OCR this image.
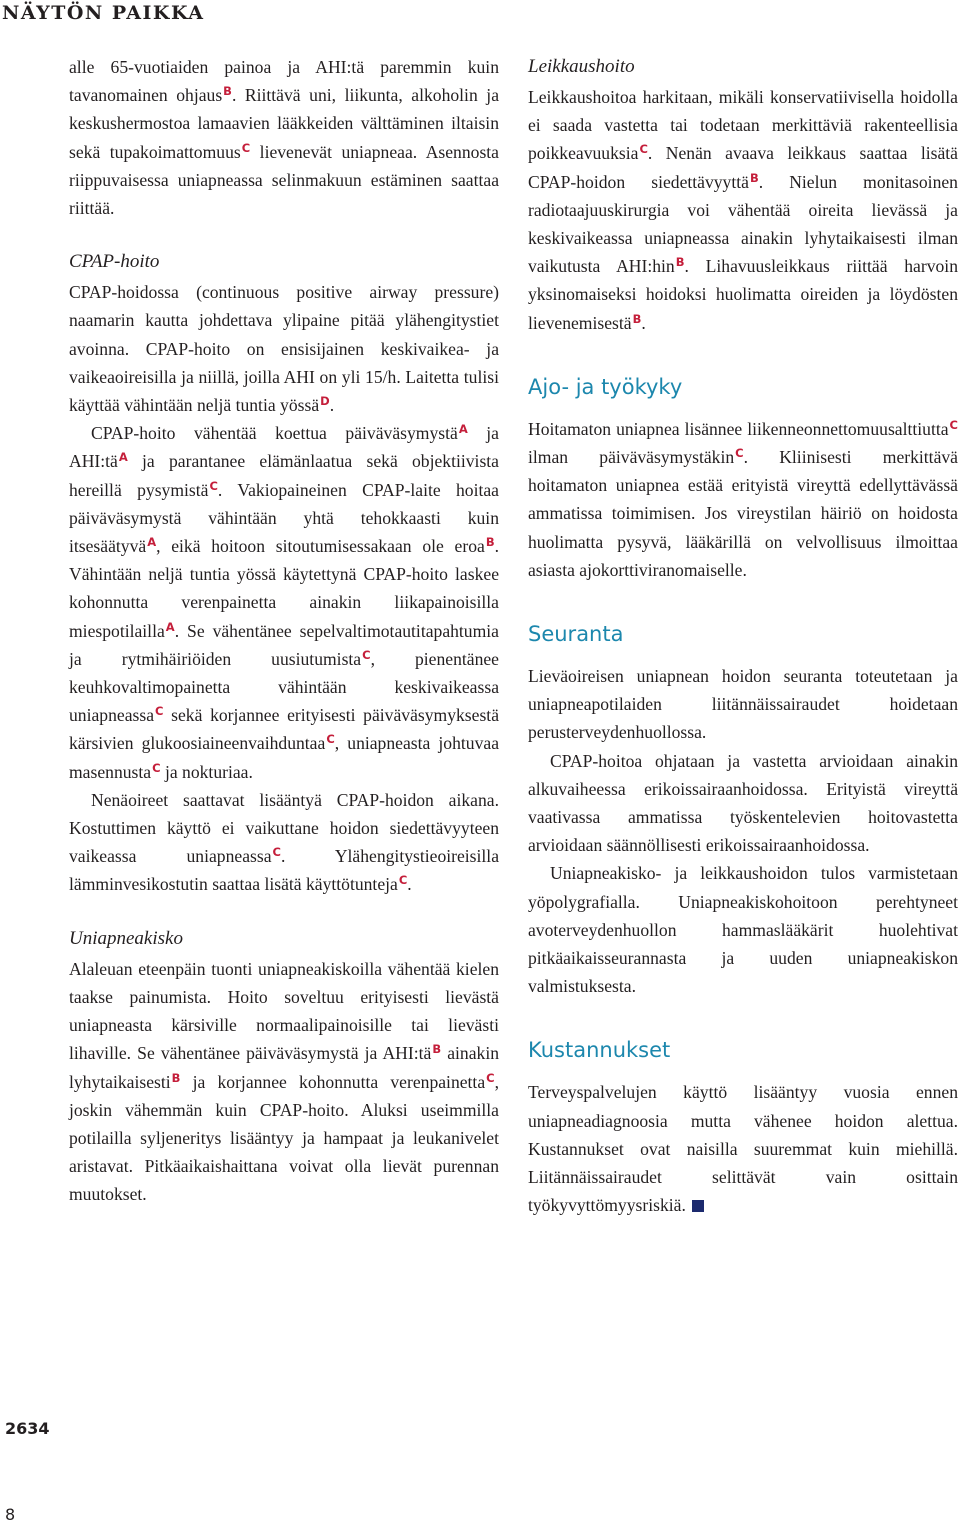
NÄYTÖN PAIKKA

alle 65-vuotiaiden painoa ja AHI:tä paremmin kuin tavanomainen ohjaus$^B$. Riittävä uni, liikunta, alkoholin ja keskushermostoa lamaavien lääkkeiden välttäminen iltaisin sekä tupakoimattomuus$^C$ lievenevät uniapneaa. Asennosta riippuvaisessa uniapneassa selinmakuun estäminen saattaa riittää.

CPAP-hoito

CPAP-hoidossa (continuous positive airway pressure) naamarin kautta johdettava ylipaine pitää ylähengitystiet avoinna. CPAP-hoito on ensisijainen keskivaikea- ja vaikeaoireisilla ja niillä, joilla AHI on yli 15/h. Laitetta tulisi käyttää vähintään neljä tuntia yössä$^D$.

CPAP-hoito vähentää koettua päiväväsymystä$^A$ ja $AHI:tä^A$ ja parantanee elämänlaatua sekä objektiivista hereillä pysymistä$^C$. Vakiopaineinen CPAP-laite hoitaa päiväväsymystä vähintään yhtä tehokkaasti kuin itsesäätyvä$^A$, eikä hoitoon sitoutumisessakaan ole eroa$^B$. Vähintään neljä tuntia yössä käytettynä CPAP-hoito laskee kohonnutta verenpainetta ainakin liikapainoisilla miespotilailla$^A$. Se vähentänee sepelvaltimotautitapahtumia ja rytmihäiriöiden uusiutumista$^C$, pienentänee keuhkovaltimopainetta vähintään keskivaikeassa uniapneassa$^C$ sekä korjannee erityisesti päiväväsymyksestä kärsivien glukoosiaineenvaihduntaa$^C$, uniapneasta johtuvaa masennusta$^C$ ja nokturiaa.

Nenäoireet saattavat lisääntyä CPAP-hoidon aikana. Kostuttimen käyttö ei vaikuttane hoidon siedettävyyteen vaikeassa uniapneassa$^C$. Ylähengitystieoireisilla lämminvesikostutin saattaa lisätä käyttötunteja$^C$.

Uniapneakisko

Alaleuan eteenpäin tuonti uniapneakiskoilla vähentää kielen taakse painumista. Hoito soveltuu erityisesti lievästä uniapneasta kärsiville normaalipainoisille tai lievästi lihaville. Se vähentänee päiväväsymystä ja $AHI:tä^B$ ainakin lyhytaikaisesti$^B$ ja korjannee kohonnutta verenpainetta$^C$, joskin vähemmän kuin CPAP-hoito. Aluksi useimmilla potilailla syljeneritys lisääntyy ja hampaat ja leukanivelet aristavat. Pitkäaikaishaittana voivat olla lievät purennan muutokset.

Leikkaushoito

Leikkaushoitoa harkitaan, mikäli konservatiivisella hoidolla ei saada vastetta tai todetaan merkittäviä rakenteellisia poikkeavuuksia$^C$. Nenän avaava leikkaus saattaa lisätä CPAP-hoidon siedettävyyttä$^B$. Nielun monitasoinen radiotaajuuskirurgia voi vähentää oireita lievässä ja keskivaikeassa uniapneassa ainakin lyhytaikaisesti ilman vaikutusta AHI:hin$^B$. Lihavuusleikkaus riittää harvoin yksinomaiseksi hoidoksi huolimatta oireiden ja löydösten lievenemisestä$^B$.

Ajo- ja työkyky

Hoitamaton uniapnea lisännee liikenneonnettomuusalttiutta$^C$ ilman päiväväsymystäkin$^C$. Kliinisesti merkittävä hoitamaton uniapnea estää erityistä vireyttä edellyttävässä ammatissa toimimisen. Jos vireystilan häiriö on hoidosta huolimatta pysyvä, lääkärillä on velvollisuus ilmoittaa asiasta ajokorttiviranomaiselle.

Seuranta

Lieväoireisen uniapnean hoidon seuranta toteutetaan ja uniapneapotilaiden liitännäissairaudet hoidetaan perusterveydenhuollossa.

CPAP-hoitoa ohjataan ja vastetta arvioidaan ainakin alkuvaiheessa erikoissairaanhoidossa. Erityistä vireyttä vaativassa ammatissa työskentelevien hoitovastetta arvioidaan säännöllisesti erikoissairaanhoidossa.

Uniapneakisko- ja leikkaushoidon tulos varmistetaan yöpolygrafialla. Uniapneakiskohoitoon perehtyneet avoterveydenhuollon hammaslääkärit huolehtivat pitkäaikaisseurannasta ja uuden uniapneakiskon valmistuksesta.

Kustannukset

Terveyspalvelujen käyttö lisääntyy vuosia ennen uniapneadiagnoosia mutta vähenee hoidon alettua. Kustannukset ovat naisilla suuremmat kuin miehillä. Liitännäissairaudet selittävät vain osittain työkyvyttömyysriskiä.

2634
8
